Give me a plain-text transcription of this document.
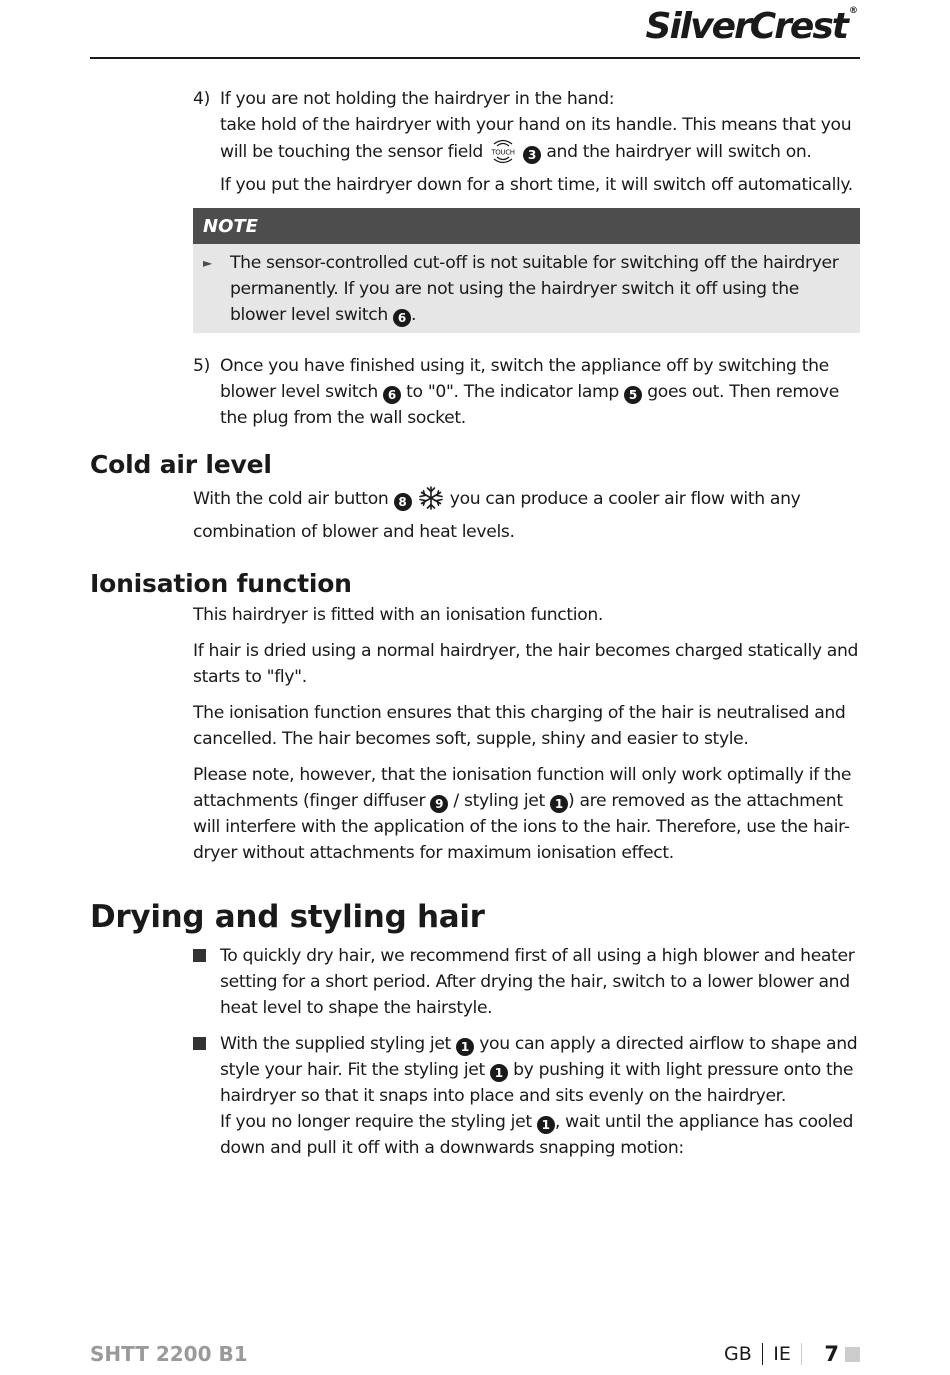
SilverCrest ®
4) If you are not holding the hairdryer in the hand:
take hold of the hairdryer with your hand on its handle. This means that you
will be touching the sensor field TOUCH 3 and the hairdryer will switch on.
If you put the hairdryer down for a short time, it will switch off automatically.
NOTE
►	The sensor-controlled cut-off is not suitable for switching off the hairdryer permanently. If you are not using the hairdryer switch it off using the blower level switch 6 .
5) Once you have finished using it, switch the appliance off by switching the blower level switch 6 to "0". The indicator lamp 5 goes out. Then remove the plug from the wall socket.
Cold air level
With the cold air button 8	you can produce a cooler air flow with any combination of blower and heat levels.
Ionisation function

This hairdryer is fitted with an ionisation function.

If hair is dried using a normal hairdryer, the hair becomes charged statically and starts to "fly".

The ionisation function ensures that this charging of the hair is neutralised and cancelled. The hair becomes soft, supple, shiny and easier to style.

Please note, however, that the ionisation function will only work optimally if the attachments (finger diffuser 9 / styling jet 1 ) are removed as the attachment will interfere with the application of the ions to the hair. Therefore, use the hair-dryer without attachments for maximum ionisation effect.

Drying and styling hair
To quickly dry hair, we recommend first of all using a high blower and heater setting for a short period. After drying the hair, switch to a lower blower and heat level to shape the hairstyle.
With the supplied styling jet 1 you can apply a directed airflow to shape and style your hair. Fit the styling jet 1 by pushing it with light pressure onto the hairdryer so that it snaps into place and sits evenly on the hairdryer.
If you no longer require the styling jet 1 , wait until the appliance has cooled down and pull it off with a downwards snapping motion:
SHTT 2200 B1	GB IE 7
